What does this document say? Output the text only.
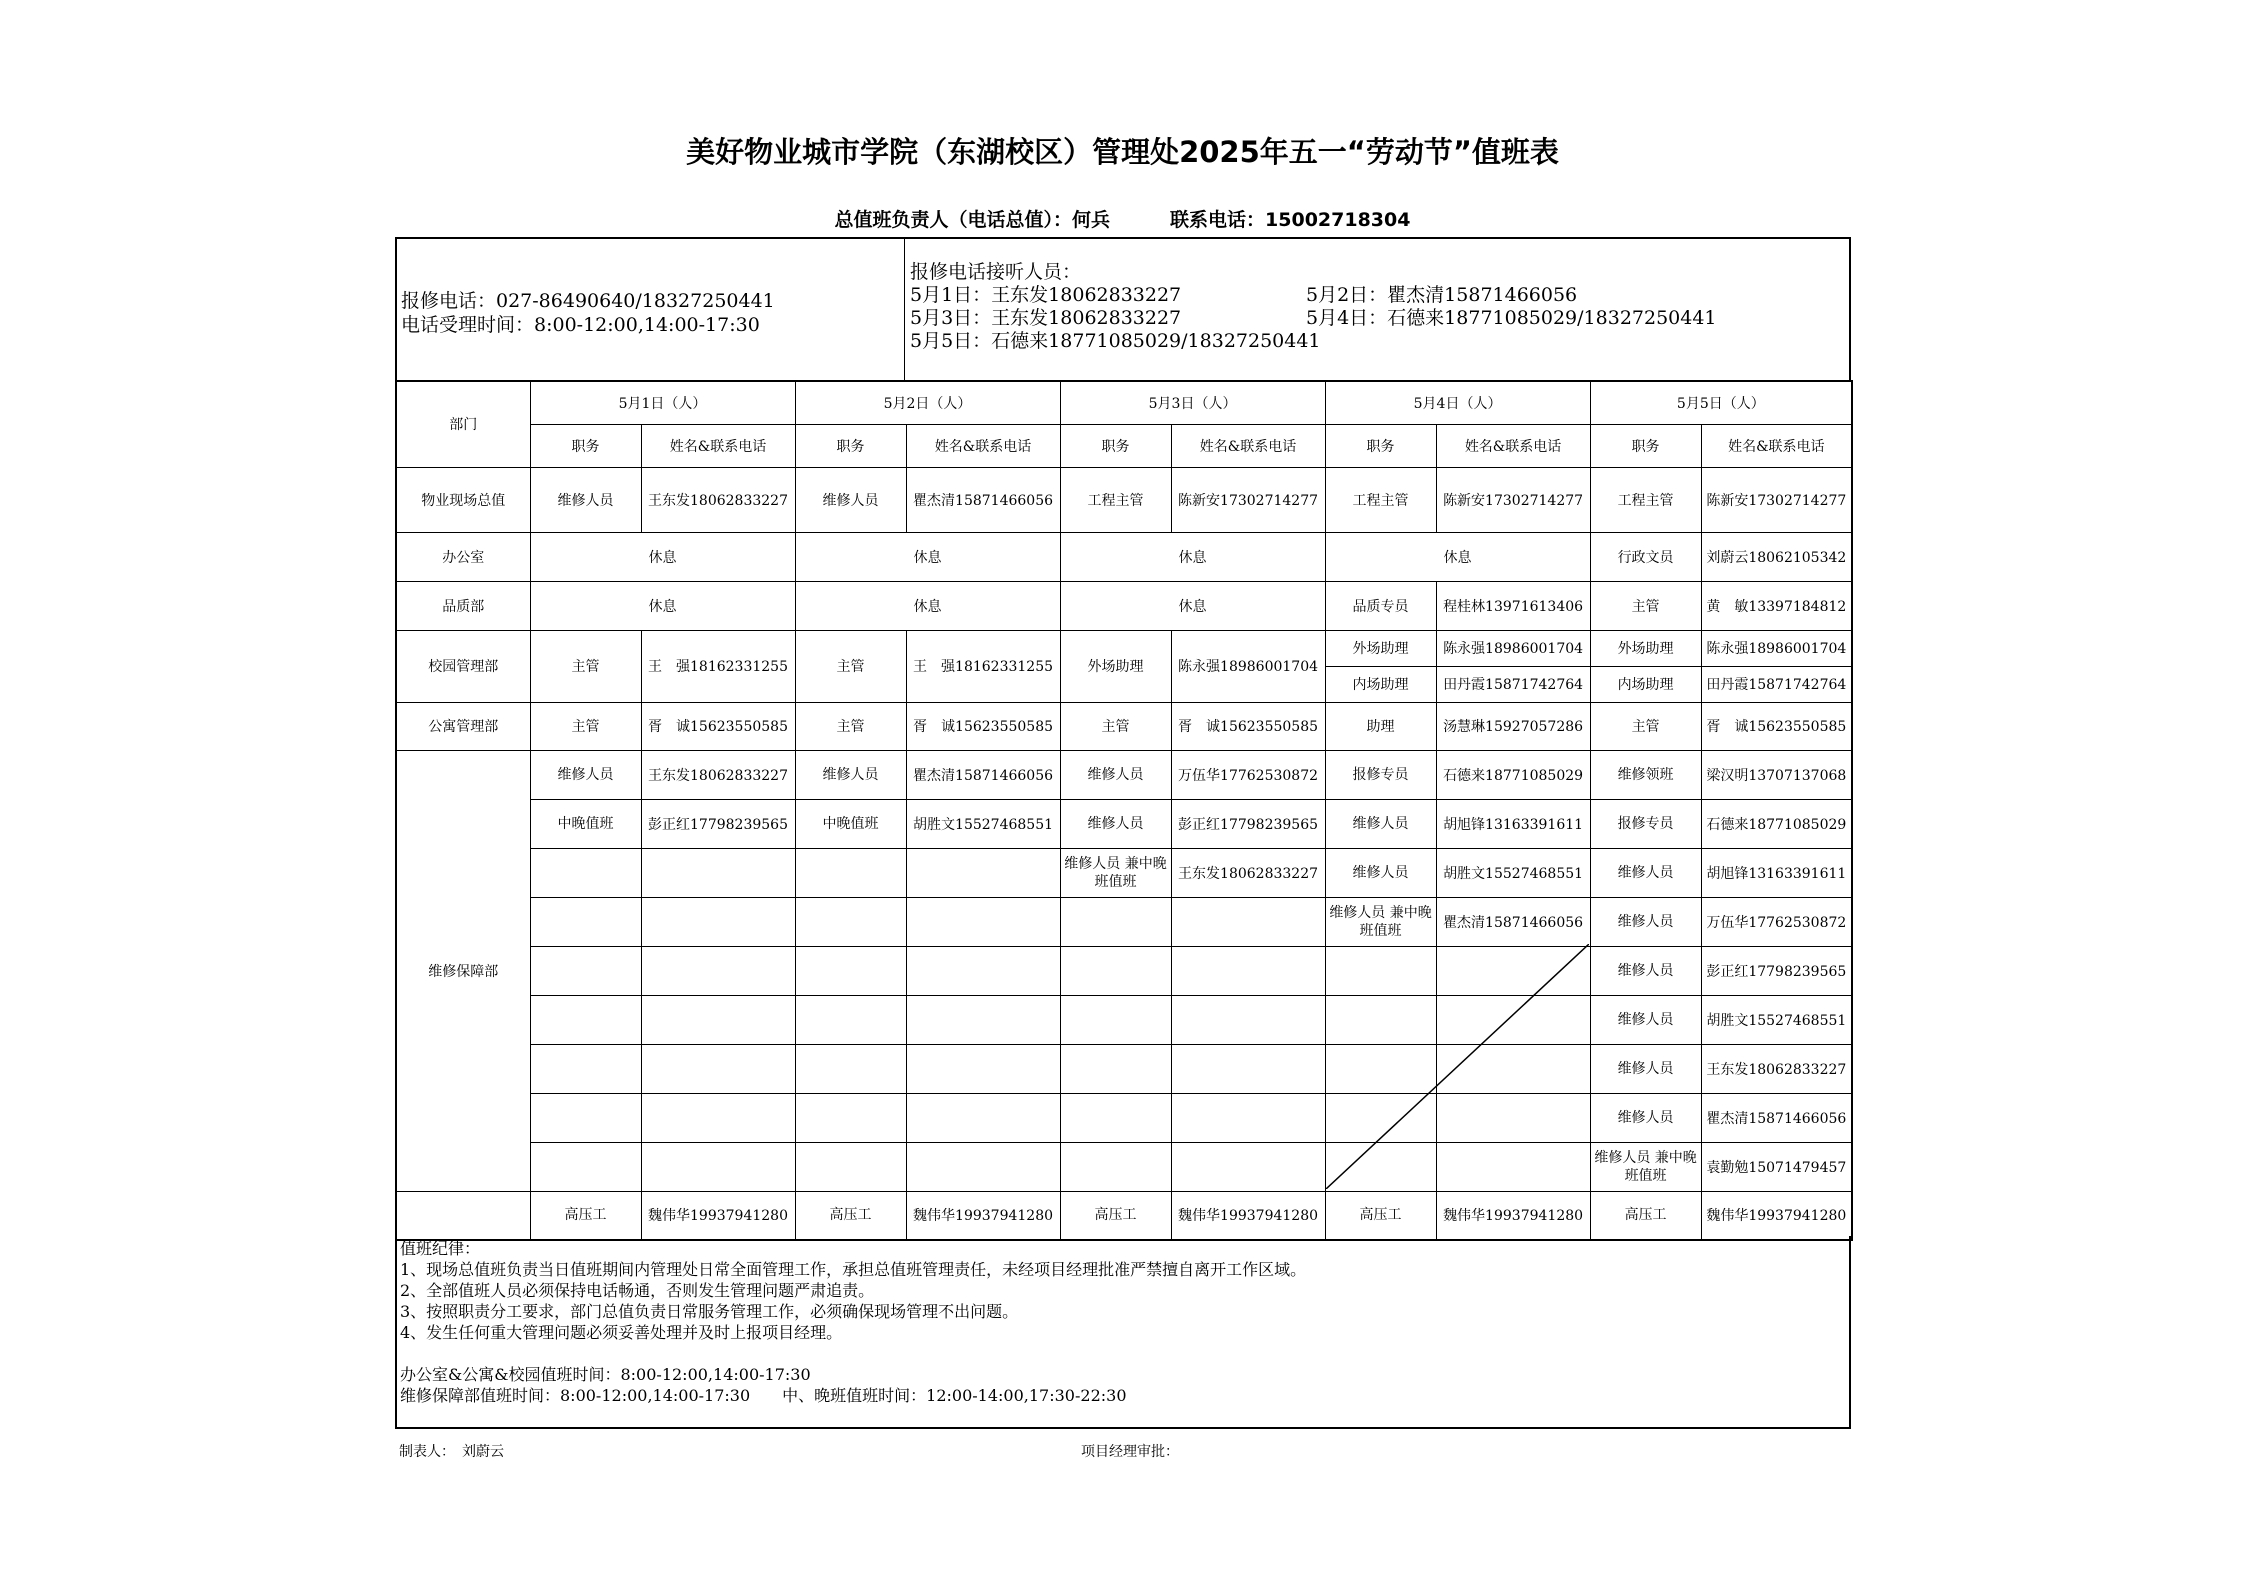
美好物业城市学院（东湖校区）管理处2025年五一“劳动节”值班表
总值班负责人（电话总值）：何兵	联系电话：15002718304
报修电话：027-86490640/18327250441
电话受理时间：8:00-12:00,14:00-17:30
报修电话接听人员：
5月1日：王东发18062833227	5月2日：瞿杰清15871466056
5月3日：王东发18062833227	5月4日：石德来18771085029/18327250441
5月5日：石德来18771085029/18327250441
部门	5月1日（人）		5月2日（人）		5月3日（人）		5月4日（人）		5月5日（人）	
	职务	姓名&联系电话	职务	姓名&联系电话	职务	姓名&联系电话	职务	姓名&联系电话	职务	姓名&联系电话
物业现场总值	维修人员	王东发18062833227	维修人员	瞿杰清15871466056	工程主管	陈新安17302714277	工程主管	陈新安17302714277	工程主管	陈新安17302714277
办公室	休息		休息		休息		休息		行政文员	刘蔚云18062105342
品质部	休息		休息		休息		品质专员	程桂林13971613406	主管	黄　敏13397184812
校园管理部	主管	王　强18162331255	主管	王　强18162331255	外场助理	陈永强18986001704	外场助理	陈永强18986001704	外场助理	陈永强18986001704
							内场助理	田丹霞15871742764	内场助理	田丹霞15871742764
公寓管理部	主管	胥　诚15623550585	主管	胥　诚15623550585	主管	胥　诚15623550585	助理	汤慧琳15927057286	主管	胥　诚15623550585
维修保障部	维修人员	王东发18062833227	维修人员	瞿杰清15871466056	维修人员	万伍华17762530872	报修专员	石德来18771085029	维修领班	梁汉明13707137068
	中晚值班	彭正红17798239565	中晚值班	胡胜文15527468551	维修人员	彭正红17798239565	维修人员	胡旭锋13163391611	报修专员	石德来18771085029
					维修人员 兼中晚班值班	王东发18062833227	维修人员	胡胜文15527468551	维修人员	胡旭锋13163391611
							维修人员 兼中晚班值班	瞿杰清15871466056	维修人员	万伍华17762530872
									维修人员	彭正红17798239565
									维修人员	胡胜文15527468551
									维修人员	王东发18062833227
									维修人员	瞿杰清15871466056
									维修人员 兼中晚班值班	袁勤勉15071479457
	高压工	魏伟华19937941280	高压工	魏伟华19937941280	高压工	魏伟华19937941280	高压工	魏伟华19937941280	高压工	魏伟华19937941280
值班纪律：
1、现场总值班负责当日值班期间内管理处日常全面管理工作，承担总值班管理责任，未经项目经理批准严禁擅自离开工作区域。
2、全部值班人员必须保持电话畅通，否则发生管理问题严肃追责。
3、按照职责分工要求，部门总值负责日常服务管理工作，必须确保现场管理不出问题。
4、发生任何重大管理问题必须妥善处理并及时上报项目经理。
办公室&公寓&校园值班时间：8:00-12:00,14:00-17:30
维修保障部值班时间：8:00-12:00,14:00-17:30　　中、晚班值班时间：12:00-14:00,17:30-22:30
制表人：　刘蔚云	项目经理审批：
